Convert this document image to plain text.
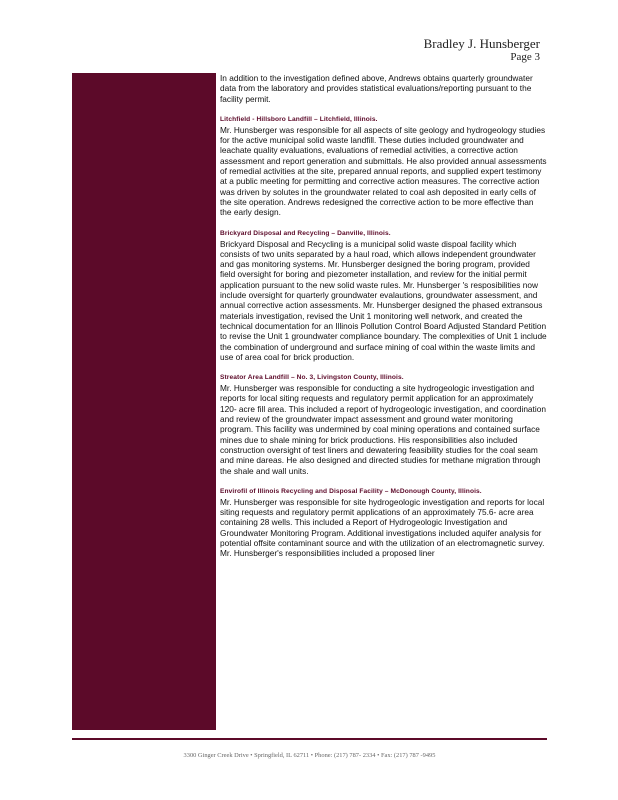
Bradley J. Hunsberger
Page 3

In addition to the investigation defined above, Andrews obtains quarterly groundwater data from the laboratory and provides statistical evaluations/reporting pursuant to the facility permit.

Litchfield - Hillsboro Landfill – Litchfield, Illinois.

Mr. Hunsberger was responsible for all aspects of site geology and hydrogeology studies for the active municipal solid waste landfill. These duties included groundwater and leachate quality evaluations, evaluations of remedial activities, a corrective action assessment and report generation and submittals. He also provided annual assessments of remedial activities at the site, prepared annual reports, and supplied expert testimony at a public meeting for permitting and corrective action measures. The corrective action was driven by solutes in the groundwater related to coal ash deposited in early cells of the site operation. Andrews redesigned the corrective action to be more effective than the early design.

Brickyard Disposal and Recycling – Danville, Illinois.

Brickyard Disposal and Recycling is a municipal solid waste dispoal facility which consists of two units separated by a haul road, which allows independent groundwater and gas monitoring systems. Mr. Hunsberger designed the boring program, provided field oversight for boring and piezometer installation, and review for the initial permit application pursuant to the new solid waste rules. Mr. Hunsberger 's resposibilities now include oversight for quarterly groundwater evalautions, groundwater assessment, and annual corrective action assessments. Mr. Hunsberger designed the phased extransous materials investigation, revised the Unit 1 monitoring well network, and created the technical documentation for an Illinois Pollution Control Board Adjusted Standard Petition to revise the Unit 1 groundwater compliance boundary. The complexities of Unit 1 include the combination of underground and surface mining of coal within the waste limits and use of area coal for brick production.

Streator Area Landfill – No. 3, Livingston County, Illinois.

Mr. Hunsberger was responsible for conducting a site hydrogeologic investigation and reports for local siting requests and regulatory permit application for an approximately 120- acre fill area. This included a report of hydrogeologic investigation, and coordination and review of the groundwater impact assessment and ground water monitoring program. This facility was undermined by coal mining operations and contained surface mines due to shale mining for brick productions. His responsibilities also included construction oversight of test liners and dewatering feasibility studies for the coal seam and mine dareas. He also designed and directed studies for methane migration through the shale and wall units.

Envirofil of Illinois Recycling and Disposal Facility – McDonough County, Illinois.

Mr. Hunsberger was responsible for site hydrogeologic investigation and reports for local siting requests and regulatory permit applications of an approximately 75.6- acre area containing 28 wells. This included a Report of Hydrogeologic Investigation and Groundwater Monitoring Program. Additional investigations included aquifer analysis for potential offsite contaminant source and with the utilization of an electromagnetic survey. Mr. Hunsberger's responsibilities included a proposed liner

3300 Ginger Creek Drive • Springfield, IL 62711 • Phone: (217) 787- 2334 • Fax: (217) 787 -9495
